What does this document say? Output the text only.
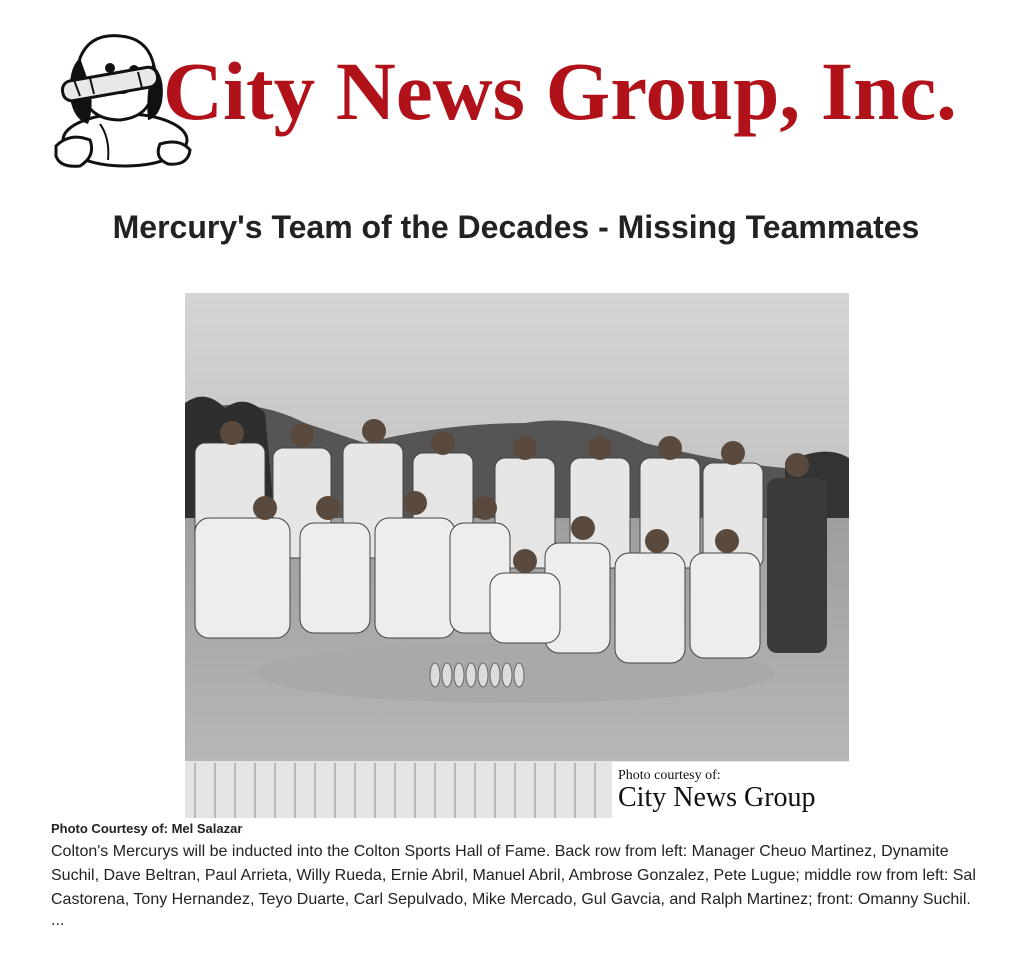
City News Group, Inc.
Mercury's Team of the Decades - Missing Teammates
Photo courtesy of:
City News Group
Photo Courtesy of: Mel Salazar

Colton's Mercurys will be inducted into the Colton Sports Hall of Fame. Back row from left: Manager Cheuo Martinez, Dynamite Suchil, Dave Beltran, Paul Arrieta, Willy Rueda, Ernie Abril, Manuel Abril, Ambrose Gonzalez, Pete Lugue; middle row from left: Sal Castorena, Tony Hernandez, Teyo Duarte, Carl Sepulvado, Mike Mercado, Gul Gavcia, and Ralph Martinez; front: Omanny Suchil.

...
